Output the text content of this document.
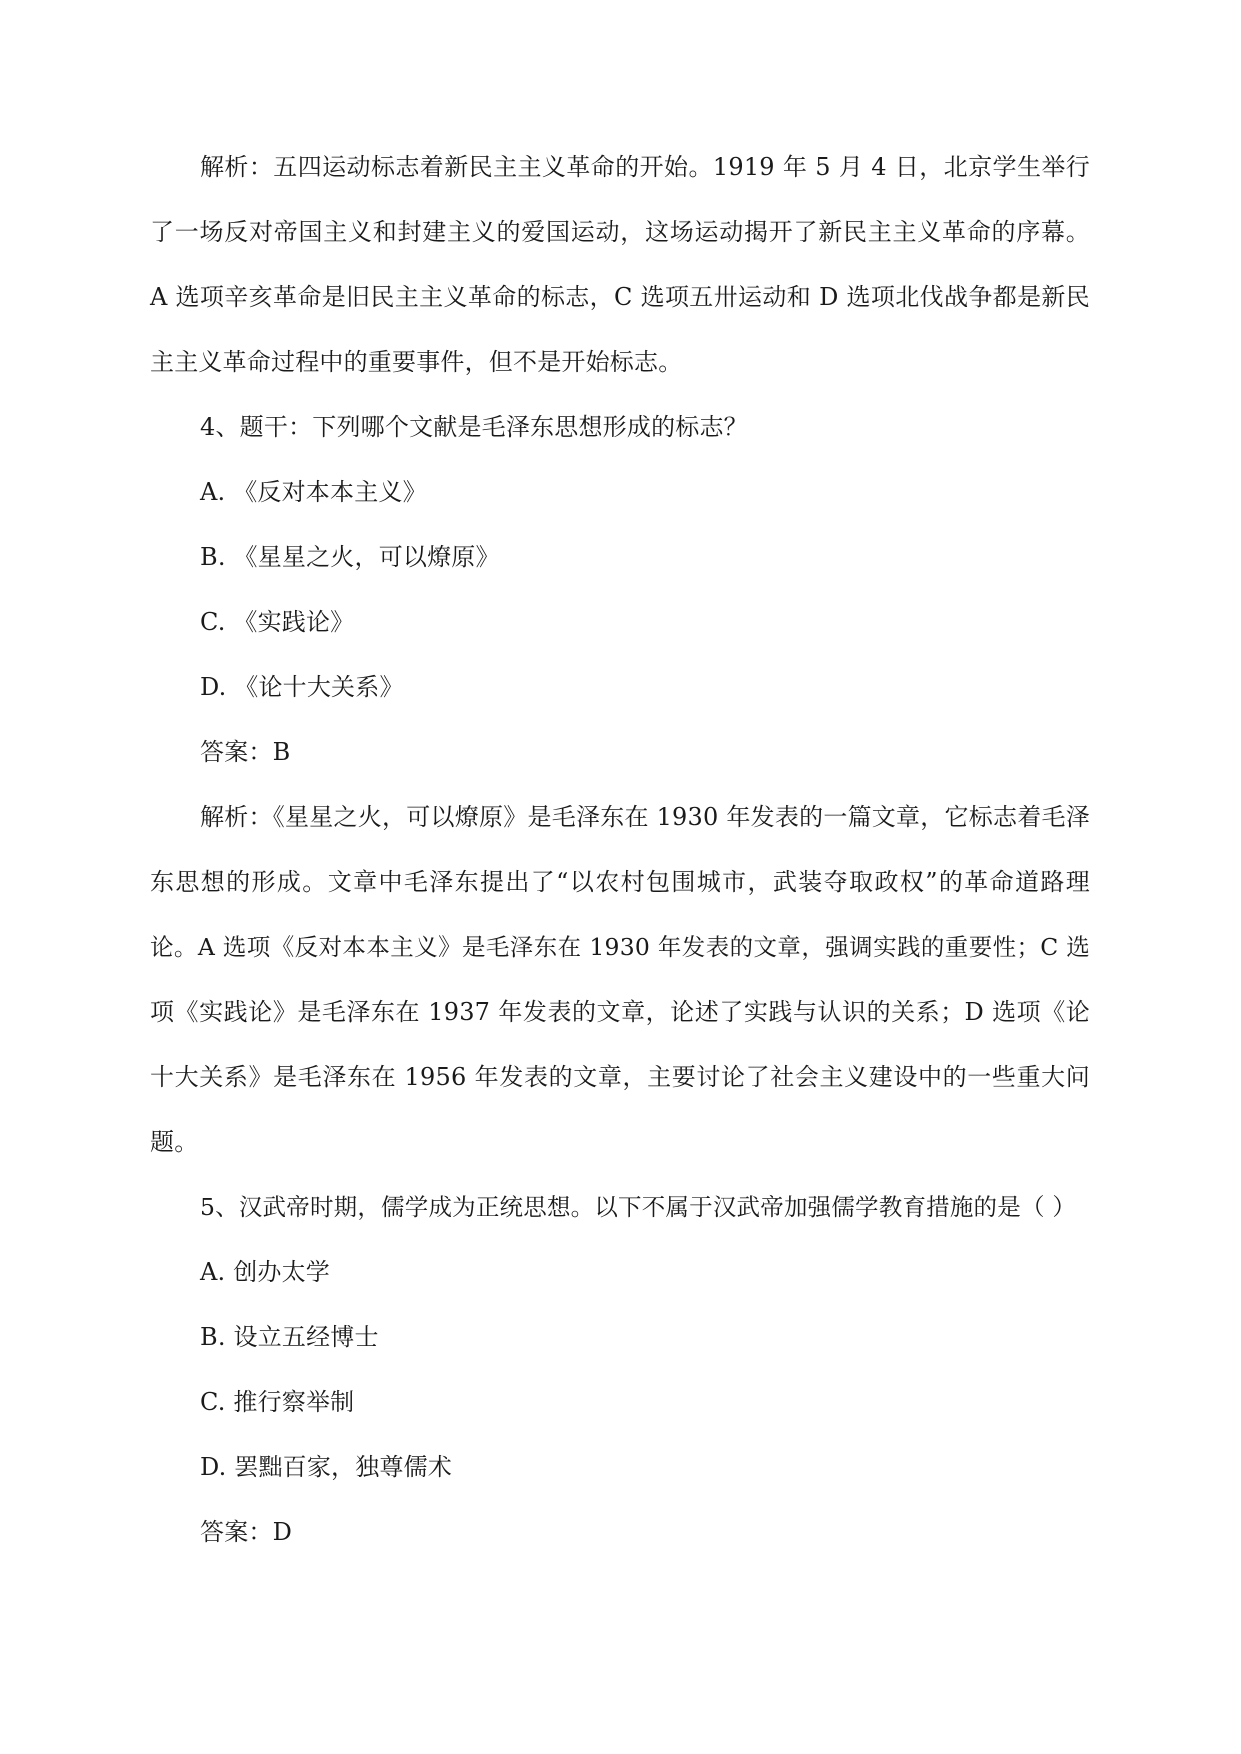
解析：五四运动标志着新民主主义革命的开始。1919 年 5 月 4 日，北京学生举行
了一场反对帝国主义和封建主义的爱国运动，这场运动揭开了新民主主义革命的序幕。
A 选项辛亥革命是旧民主主义革命的标志，C 选项五卅运动和 D 选项北伐战争都是新民
主主义革命过程中的重要事件，但不是开始标志。
4、题干：下列哪个文献是毛泽东思想形成的标志？
A. 《反对本本主义》
B. 《星星之火，可以燎原》
C. 《实践论》
D. 《论十大关系》
答案：B
解析：《星星之火，可以燎原》是毛泽东在 1930 年发表的一篇文章，它标志着毛泽
东思想的形成。文章中毛泽东提出了“以农村包围城市，武装夺取政权”的革命道路理
论。A 选项《反对本本主义》是毛泽东在 1930 年发表的文章，强调实践的重要性；C 选
项《实践论》是毛泽东在 1937 年发表的文章，论述了实践与认识的关系；D 选项《论
十大关系》是毛泽东在 1956 年发表的文章，主要讨论了社会主义建设中的一些重大问
题。
5、汉武帝时期，儒学成为正统思想。以下不属于汉武帝加强儒学教育措施的是（ ）
A. 创办太学
B. 设立五经博士
C. 推行察举制
D. 罢黜百家，独尊儒术
答案：D
